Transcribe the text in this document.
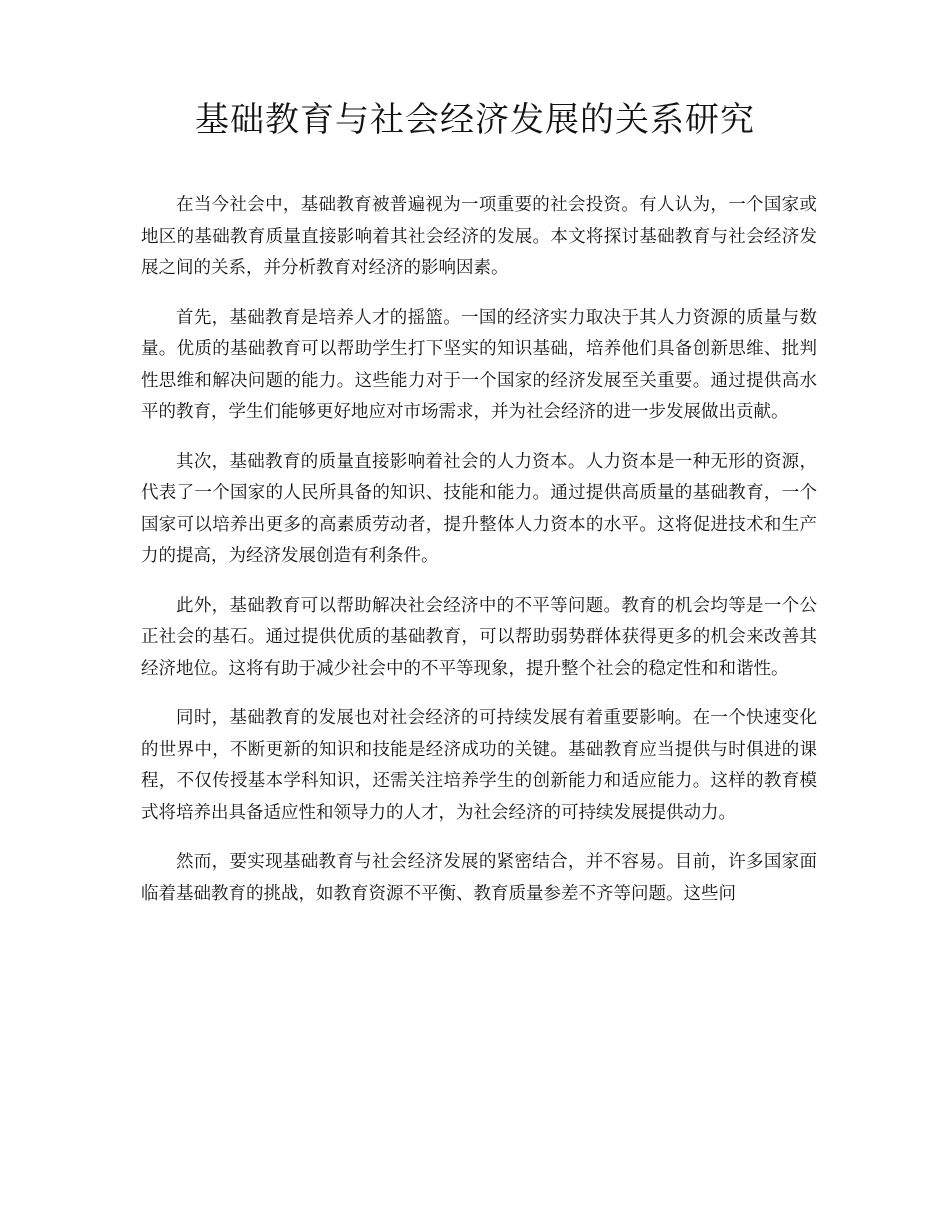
基础教育与社会经济发展的关系研究

在当今社会中，基础教育被普遍视为一项重要的社会投资。有人认为，一个国家或地区的基础教育质量直接影响着其社会经济的发展。本文将探讨基础教育与社会经济发展之间的关系，并分析教育对经济的影响因素。

首先，基础教育是培养人才的摇篮。一国的经济实力取决于其人力资源的质量与数量。优质的基础教育可以帮助学生打下坚实的知识基础，培养他们具备创新思维、批判性思维和解决问题的能力。这些能力对于一个国家的经济发展至关重要。通过提供高水平的教育，学生们能够更好地应对市场需求，并为社会经济的进一步发展做出贡献。

其次，基础教育的质量直接影响着社会的人力资本。人力资本是一种无形的资源，代表了一个国家的人民所具备的知识、技能和能力。通过提供高质量的基础教育，一个国家可以培养出更多的高素质劳动者，提升整体人力资本的水平。这将促进技术和生产力的提高，为经济发展创造有利条件。

此外，基础教育可以帮助解决社会经济中的不平等问题。教育的机会均等是一个公正社会的基石。通过提供优质的基础教育，可以帮助弱势群体获得更多的机会来改善其经济地位。这将有助于减少社会中的不平等现象，提升整个社会的稳定性和和谐性。

同时，基础教育的发展也对社会经济的可持续发展有着重要影响。在一个快速变化的世界中，不断更新的知识和技能是经济成功的关键。基础教育应当提供与时俱进的课程，不仅传授基本学科知识，还需关注培养学生的创新能力和适应能力。这样的教育模式将培养出具备适应性和领导力的人才，为社会经济的可持续发展提供动力。

然而，要实现基础教育与社会经济发展的紧密结合，并不容易。目前，许多国家面临着基础教育的挑战，如教育资源不平衡、教育质量参差不齐等问题。这些问
